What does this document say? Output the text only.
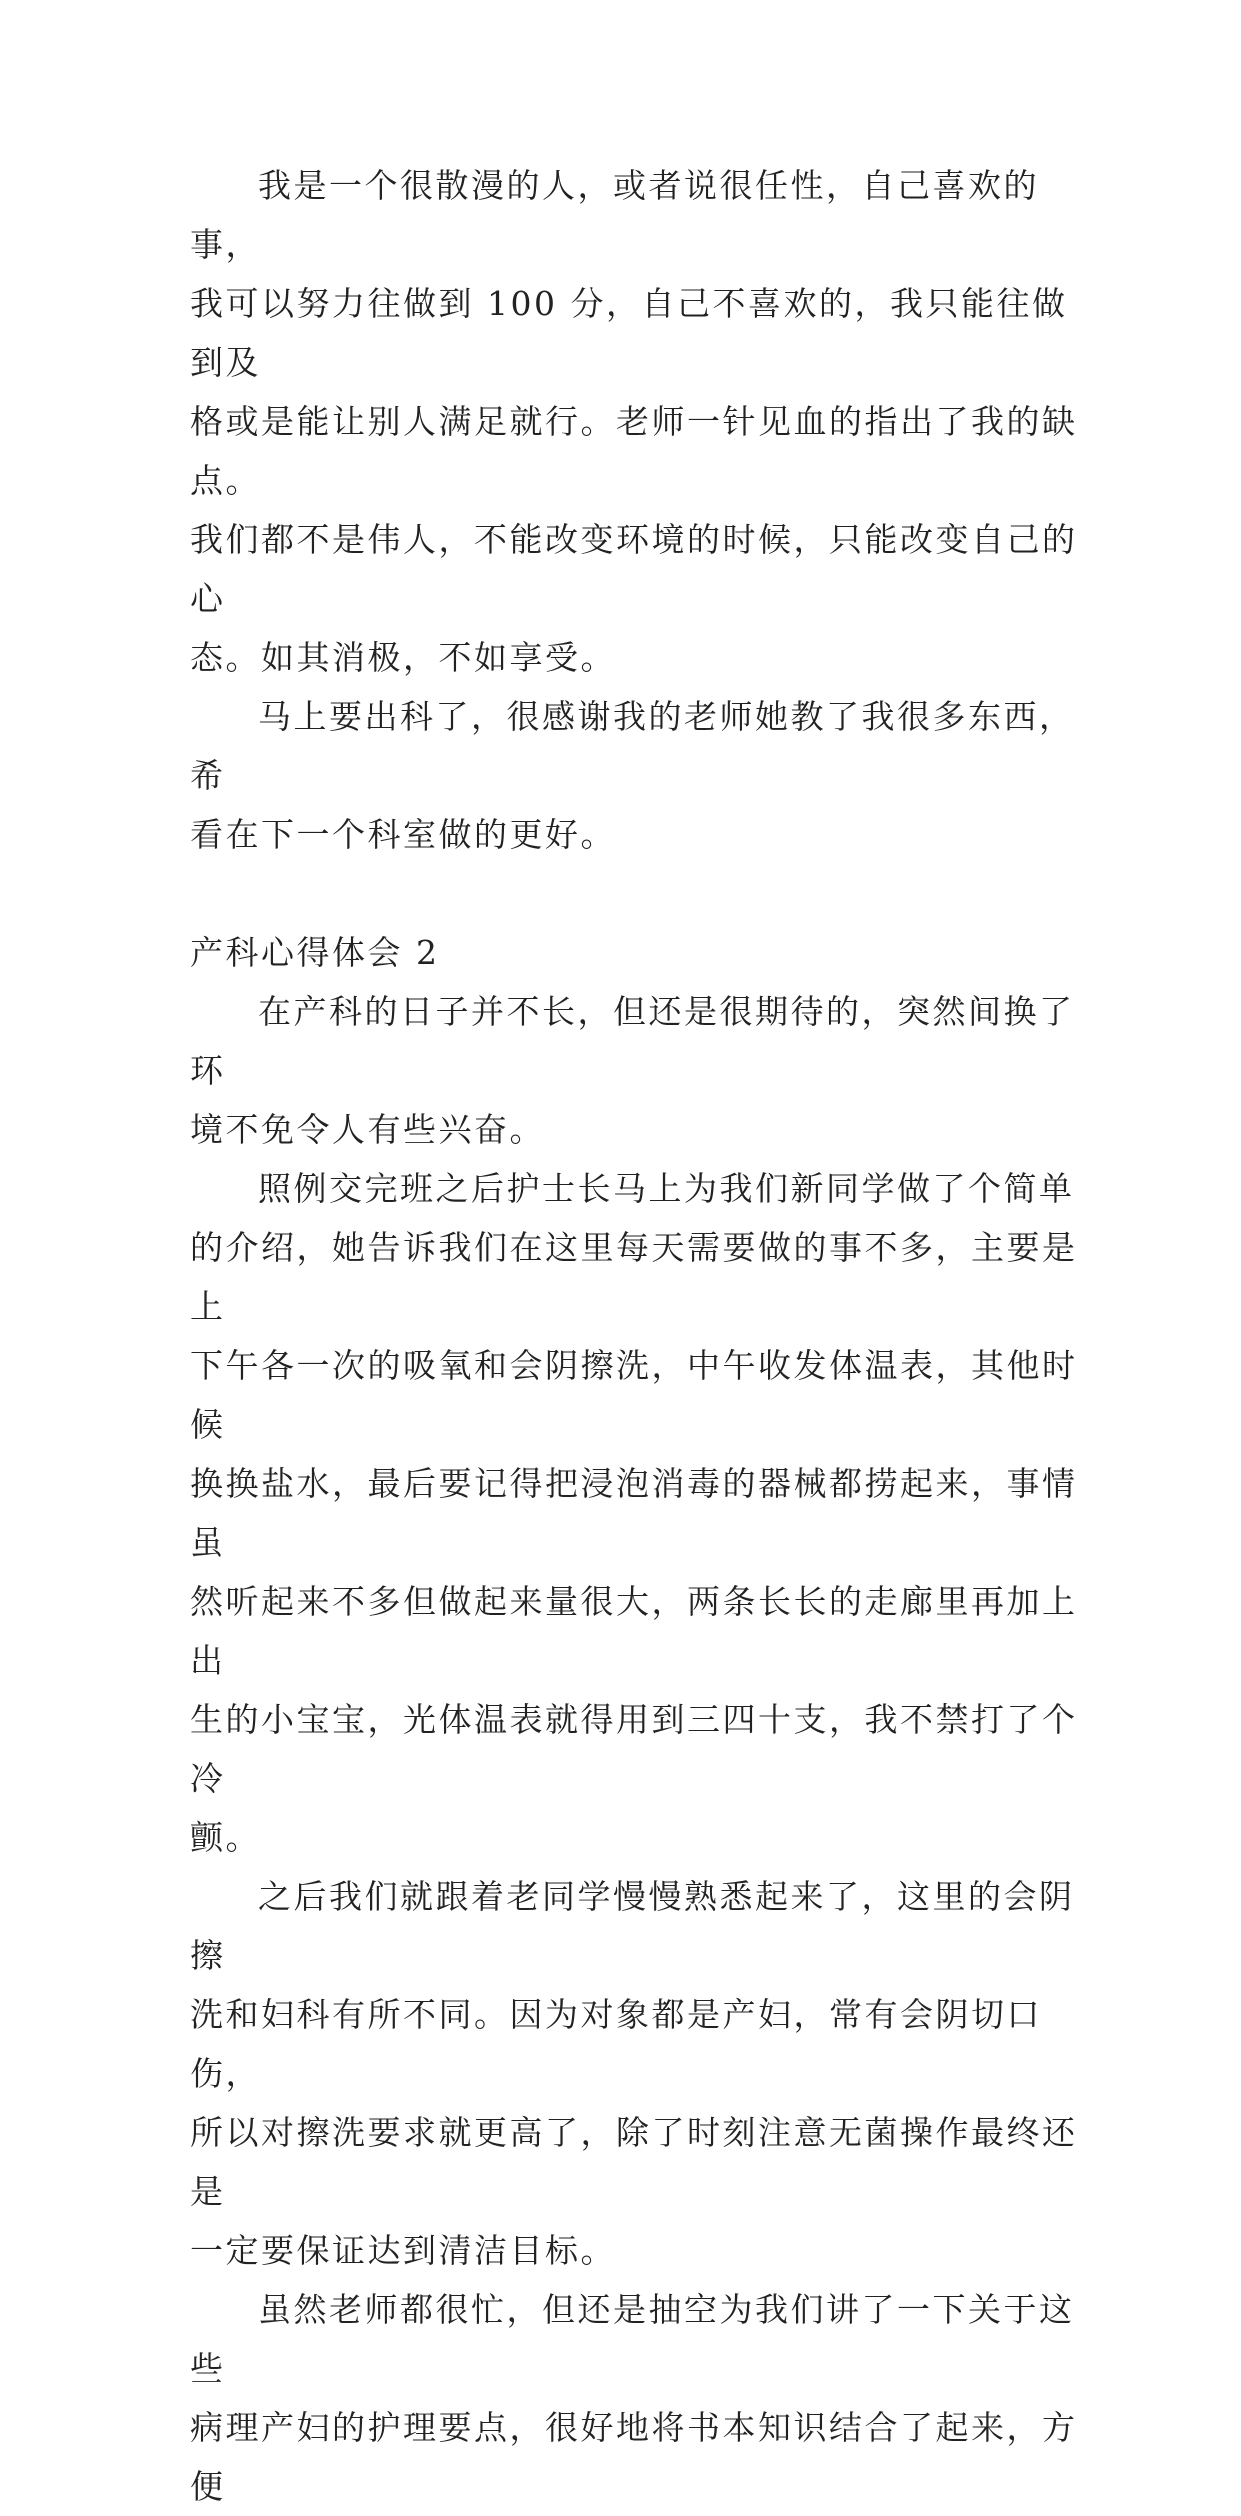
我是一个很散漫的人，或者说很任性，自己喜欢的事，
我可以努力往做到 100 分，自己不喜欢的，我只能往做到及
格或是能让别人满足就行。老师一针见血的指出了我的缺点。
我们都不是伟人，不能改变环境的时候，只能改变自己的心
态。如其消极，不如享受。

马上要出科了，很感谢我的老师她教了我很多东西，希
看在下一个科室做的更好。

产科心得体会 2

在产科的日子并不长，但还是很期待的，突然间换了环
境不免令人有些兴奋。

照例交完班之后护士长马上为我们新同学做了个简单
的介绍，她告诉我们在这里每天需要做的事不多，主要是上
下午各一次的吸氧和会阴擦洗，中午收发体温表，其他时候
换换盐水，最后要记得把浸泡消毒的器械都捞起来，事情虽
然听起来不多但做起来量很大，两条长长的走廊里再加上出
生的小宝宝，光体温表就得用到三四十支，我不禁打了个冷
颤。

之后我们就跟着老同学慢慢熟悉起来了，这里的会阴擦
洗和妇科有所不同。因为对象都是产妇，常有会阴切口伤，
所以对擦洗要求就更高了，除了时刻注意无菌操作最终还是
一定要保证达到清洁目标。

虽然老师都很忙，但还是抽空为我们讲了一下关于这些
病理产妇的护理要点，很好地将书本知识结合了起来，方便
